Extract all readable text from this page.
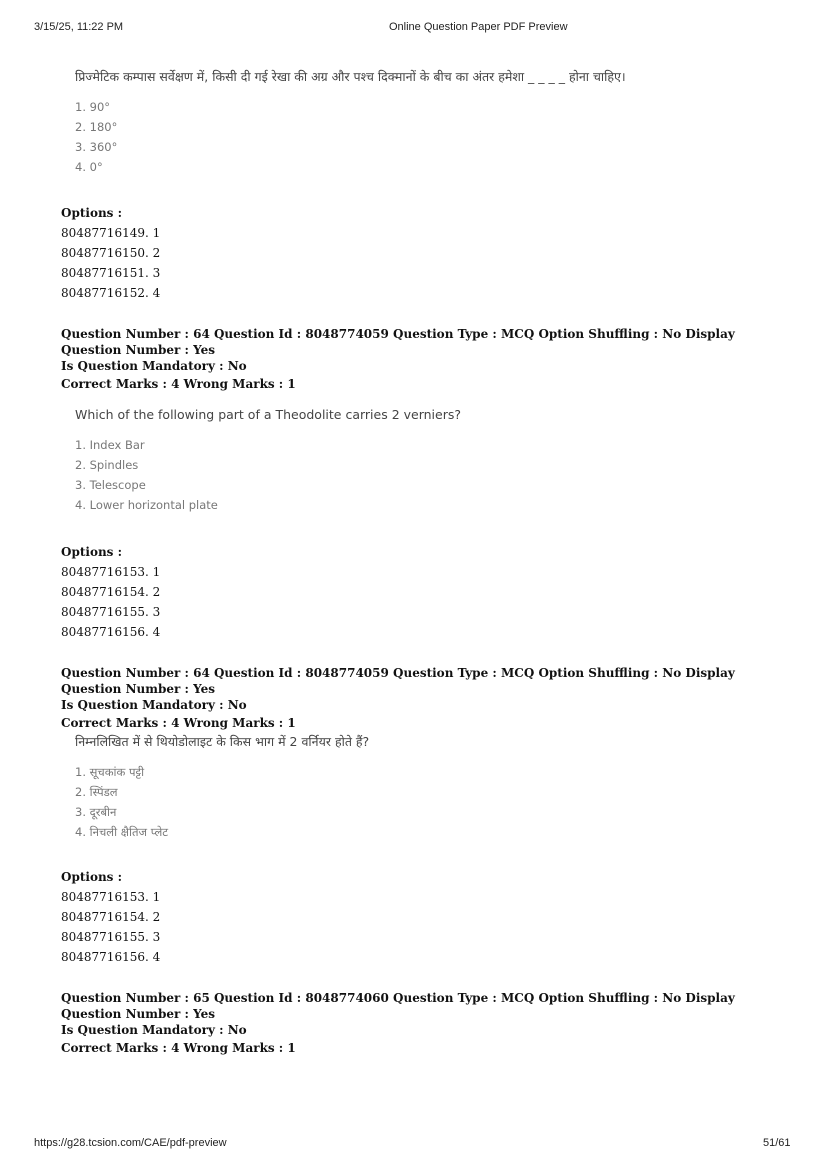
3/15/25, 11:22 PM	Online Question Paper PDF Preview
प्रिज्मेटिक कम्पास सर्वेक्षण में, किसी दी गई रेखा की अग्र और पश्च दिक्मानों के बीच का अंतर हमेशा _ _ _ _ होना चाहिए।
1. 90°
2. 180°
3. 360°
4. 0°
Options :
80487716149. 1
80487716150. 2
80487716151. 3
80487716152. 4
Question Number : 64 Question Id : 8048774059 Question Type : MCQ Option Shuffling : No Display Question Number : Yes
Is Question Mandatory : No
Correct Marks : 4 Wrong Marks : 1
Which of the following part of a Theodolite carries 2 verniers?
1. Index Bar
2. Spindles
3. Telescope
4. Lower horizontal plate
Options :
80487716153. 1
80487716154. 2
80487716155. 3
80487716156. 4
Question Number : 64 Question Id : 8048774059 Question Type : MCQ Option Shuffling : No Display Question Number : Yes
Is Question Mandatory : No
Correct Marks : 4 Wrong Marks : 1
निम्नलिखित में से थियोडोलाइट के किस भाग में 2 वर्नियर होते हैं?
1. सूचकांक पट्टी
2. स्पिंडल
3. दूरबीन
4. निचली क्षैतिज प्लेट
Options :
80487716153. 1
80487716154. 2
80487716155. 3
80487716156. 4
Question Number : 65 Question Id : 8048774060 Question Type : MCQ Option Shuffling : No Display Question Number : Yes
Is Question Mandatory : No
Correct Marks : 4 Wrong Marks : 1
https://g28.tcsion.com/CAE/pdf-preview	51/61
